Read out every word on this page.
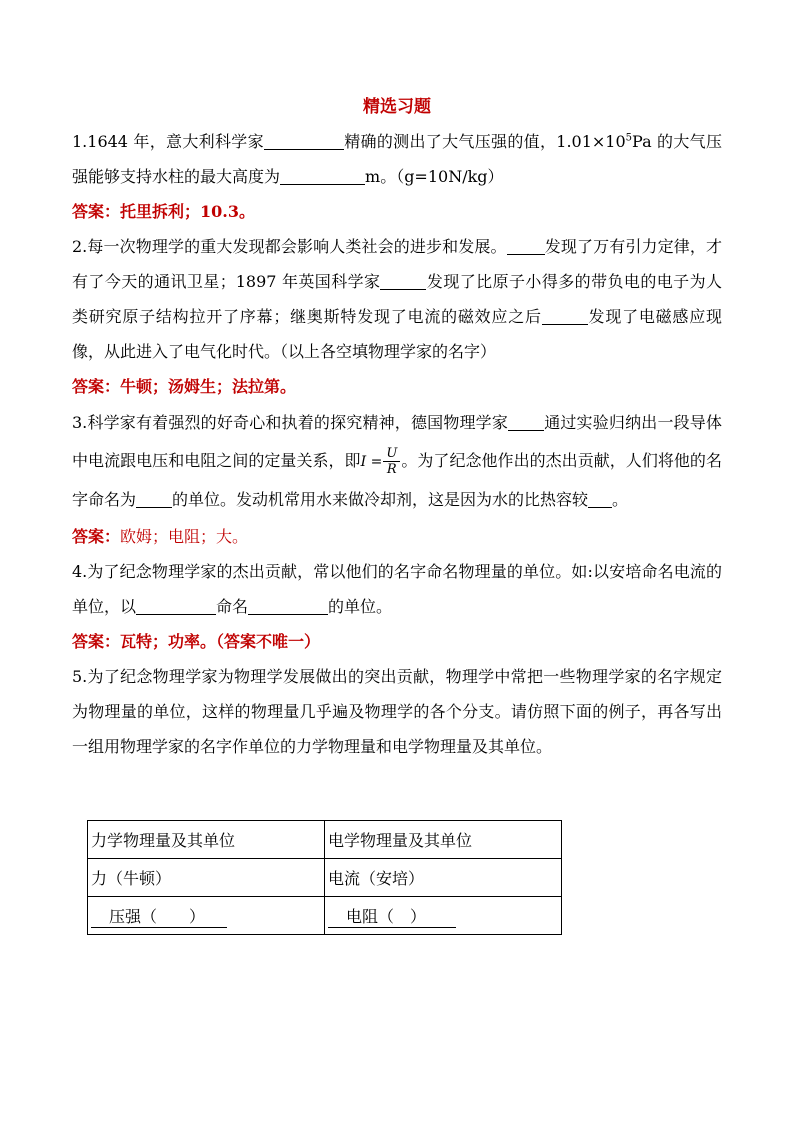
精选习题
1.1644 年，意大利科学家	精确的测出了大气压强的值，$1.01\times 10^5Pa$ 的大气压强能够支持水柱的最大高度为	m。（g=10N/kg）
答案：托里拆利；10.3。
2.每一次物理学的重大发现都会影响人类社会的进步和发展。 发现了万有引力定律，才有了今天的通讯卫星；1897 年英国科学家	发现了比原子小得多的带负电的电子为人类研究原子结构拉开了序幕；继奥斯特发现了电流的磁效应之后	发现了电磁感应现像，从此进入了电气化时代。（以上各空填物理学家的名字）
答案：牛顿；汤姆生；法拉第。
3.科学家有着强烈的好奇心和执着的探究精神，德国物理学家 通过实验归纳出一段导体中电流跟电压和电阻之间的定量关系，即$I = \frac{U}{R}$ 。为了纪念他作出的杰出贡献，人们将他的名字命名为 的单位。发动机常用水来做冷却剂，这是因为水的比热容较 。
答案：欧姆；电阻；大。
4.为了纪念物理学家的杰出贡献，常以他们的名字命名物理量的单位。如:以安培命名电流的单位，以	命名	的单位。
答案：瓦特；功率。（答案不唯一）
5.为了纪念物理学家为物理学发展做出的突出贡献，物理学中常把一些物理学家的名字规定为物理量的单位，这样的物理量几乎遍及物理学的各个分支。请仿照下面的例子，再各写出一组用物理学家的名字作单位的力学物理量和电学物理量及其单位。
力学物理量及其单位	电学物理量及其单位
力（牛顿）	电流（安培）
压强（　　）	电阻（　）
